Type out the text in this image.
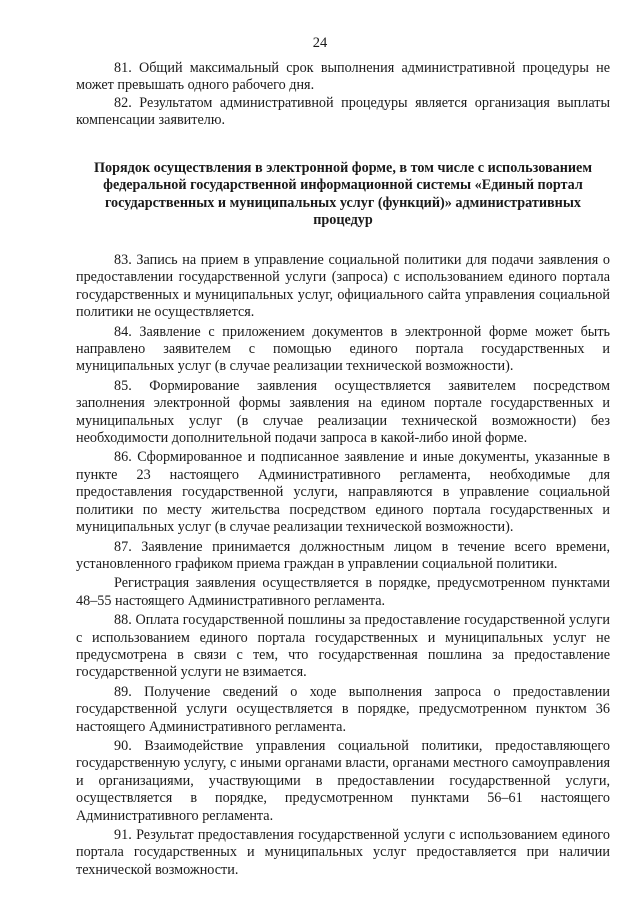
24

81. Общий максимальный срок выполнения административной процедуры не может превышать одного рабочего дня.

82. Результатом административной процедуры является организация выплаты компенсации заявителю.

Порядок осуществления в электронной форме, в том числе с использованием федеральной государственной информационной системы «Единый портал государственных и муниципальных услуг (функций)» административных процедур

83. Запись на прием в управление социальной политики для подачи заявления о предоставлении государственной услуги (запроса) с использованием единого портала государственных и муниципальных услуг, официального сайта управления социальной политики не осуществляется.

84. Заявление с приложением документов в электронной форме может быть направлено заявителем с помощью единого портала государственных и муниципальных услуг (в случае реализации технической возможности).

85. Формирование заявления осуществляется заявителем посредством заполнения электронной формы заявления на едином портале государственных и муниципальных услуг (в случае реализации технической возможности) без необходимости дополнительной подачи запроса в какой-либо иной форме.

86. Сформированное и подписанное заявление и иные документы, указанные в пункте 23 настоящего Административного регламента, необходимые для предоставления государственной услуги, направляются в управление социальной политики по месту жительства посредством единого портала государственных и муниципальных услуг (в случае реализации технической возможности).

87. Заявление принимается должностным лицом в течение всего времени, установленного графиком приема граждан в управлении социальной политики.

Регистрация заявления осуществляется в порядке, предусмотренном пунктами 48–55 настоящего Административного регламента.

88. Оплата государственной пошлины за предоставление государственной услуги с использованием единого портала государственных и муниципальных услуг не предусмотрена в связи с тем, что государственная пошлина за предоставление государственной услуги не взимается.

89. Получение сведений о ходе выполнения запроса о предоставлении государственной услуги осуществляется в порядке, предусмотренном пунктом 36 настоящего Административного регламента.

90. Взаимодействие управления социальной политики, предоставляющего государственную услугу, с иными органами власти, органами местного самоуправления и организациями, участвующими в предоставлении государственной услуги, осуществляется в порядке, предусмотренном пунктами 56–61 настоящего Административного регламента.

91. Результат предоставления государственной услуги с использованием единого портала государственных и муниципальных услуг предоставляется при наличии технической возможности.
